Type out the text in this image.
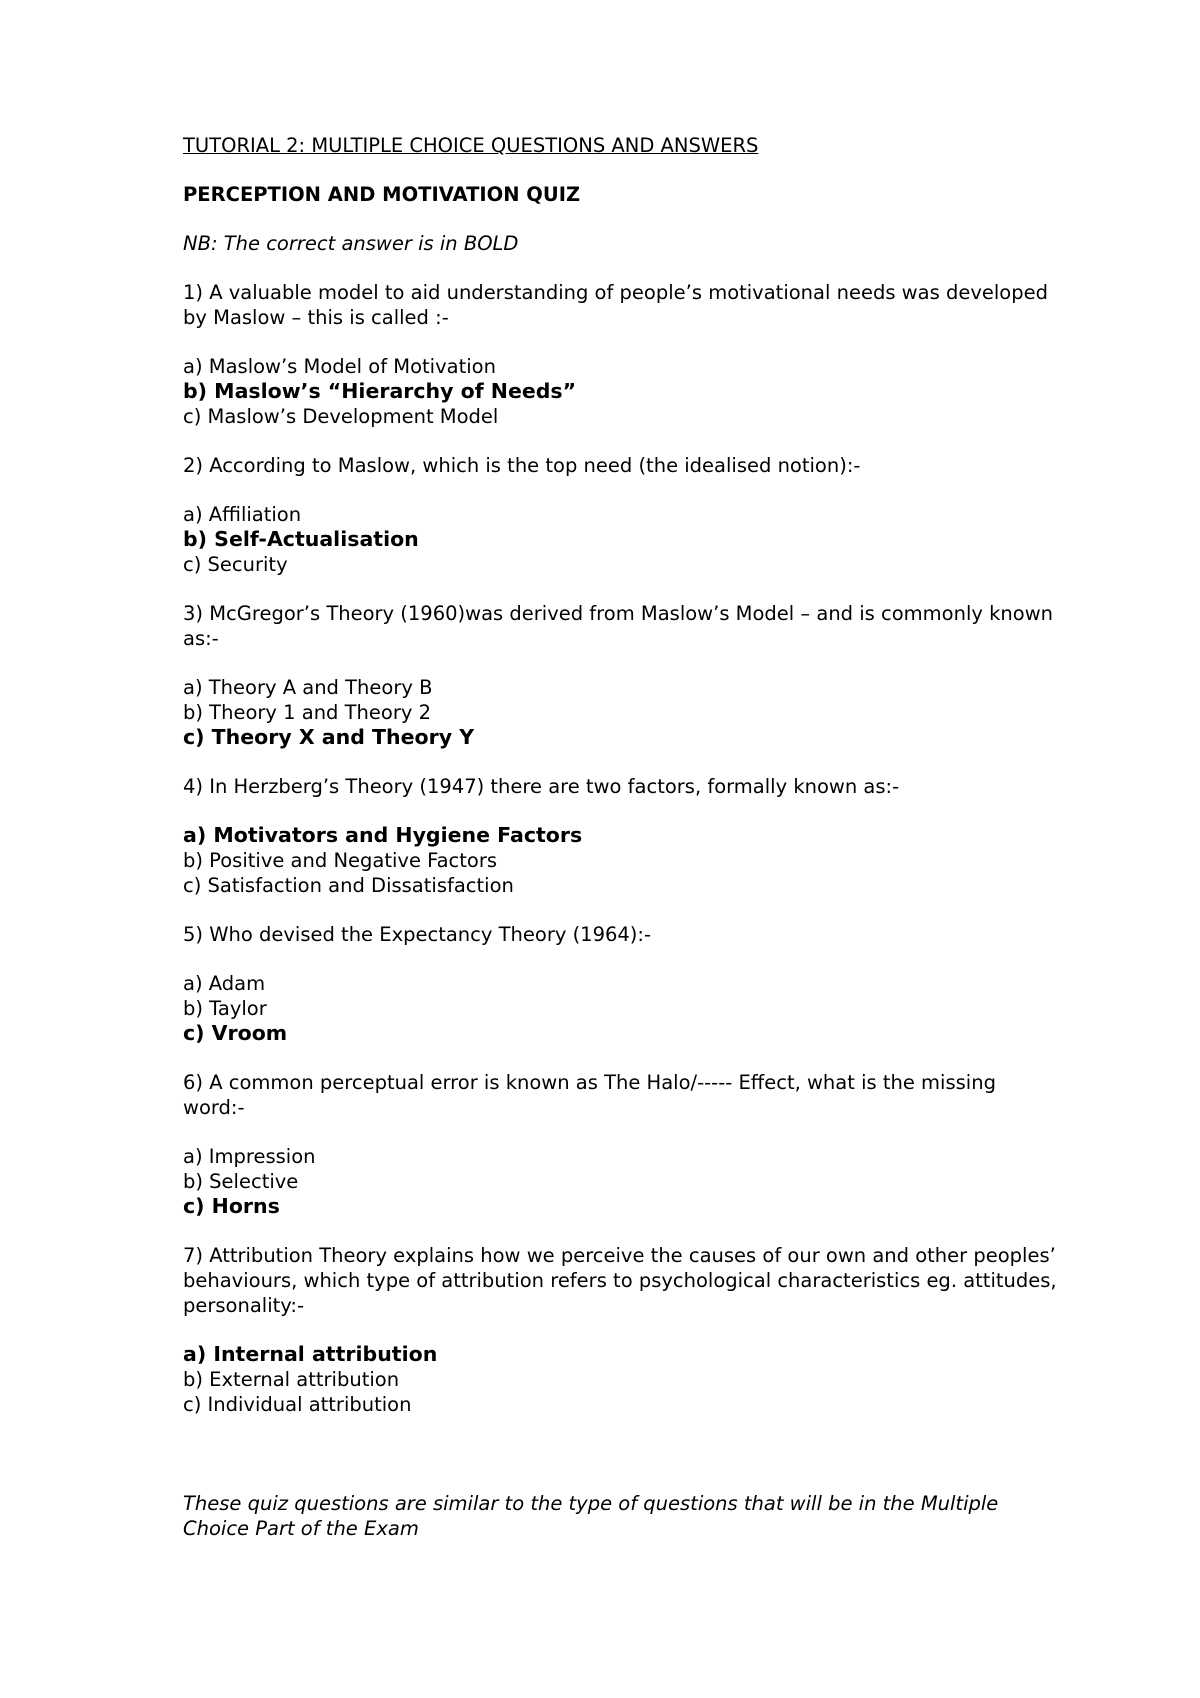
TUTORIAL 2: MULTIPLE CHOICE QUESTIONS AND ANSWERS

PERCEPTION AND MOTIVATION QUIZ

NB: The correct answer is in BOLD

1) A valuable model to aid understanding of people’s motivational needs was developed by Maslow – this is called :-

a) Maslow’s Model of Motivation
b) Maslow’s “Hierarchy of Needs”
c) Maslow’s Development Model

2) According to Maslow, which is the top need (the idealised notion):-

a) Affiliation
b) Self-Actualisation
c) Security

3) McGregor’s Theory (1960)was derived from Maslow’s Model – and is commonly known as:-

a) Theory A and Theory B
b) Theory 1 and Theory 2
c) Theory X and Theory Y

4) In Herzberg’s Theory (1947) there are two factors, formally known as:-

a) Motivators and Hygiene Factors
b) Positive and Negative Factors
c) Satisfaction and Dissatisfaction

5) Who devised the Expectancy Theory (1964):-

a) Adam
b) Taylor
c) Vroom

6) A common perceptual error is known as The Halo/----- Effect, what is the missing word:-

a) Impression
b) Selective
c) Horns

7) Attribution Theory explains how we perceive the causes of our own and other peoples’ behaviours, which type of attribution refers to psychological characteristics eg. attitudes, personality:-

a) Internal attribution
b) External attribution
c) Individual attribution

These quiz questions are similar to the type of questions that will be in the Multiple Choice Part of the Exam
